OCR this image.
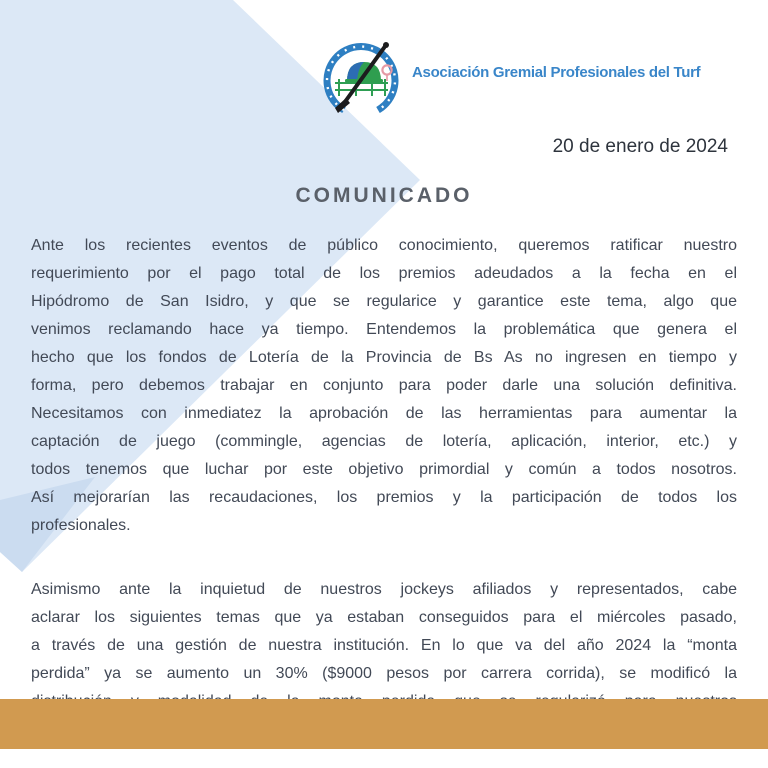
Asociación Gremial Profesionales del Turf
20 de enero de 2024
COMUNICADO
Ante los recientes eventos de público conocimiento, queremos ratificar nuestro
requerimiento por el pago total de los premios adeudados a la fecha en el
Hipódromo de San Isidro, y que se regularice y garantice este tema, algo que
venimos reclamando hace ya tiempo. Entendemos la problemática que genera el
hecho que los fondos de Lotería de la Provincia de Bs As no ingresen en tiempo y
forma, pero debemos trabajar en conjunto para poder darle una solución definitiva.
Necesitamos con inmediatez la aprobación de las herramientas para aumentar la
captación de juego (commingle, agencias de lotería, aplicación, interior, etc.) y
todos tenemos que luchar por este objetivo primordial y común a todos nosotros.
Así mejorarían las recaudaciones, los premios y la participación de todos los
profesionales.
Asimismo ante la inquietud de nuestros jockeys afiliados y representados, cabe
aclarar los siguientes temas que ya estaban conseguidos para el miércoles pasado,
a través de una gestión de nuestra institución. En lo que va del año 2024 la “monta
perdida” ya se aumento un 30% ($9000 pesos por carrera corrida), se modificó la
